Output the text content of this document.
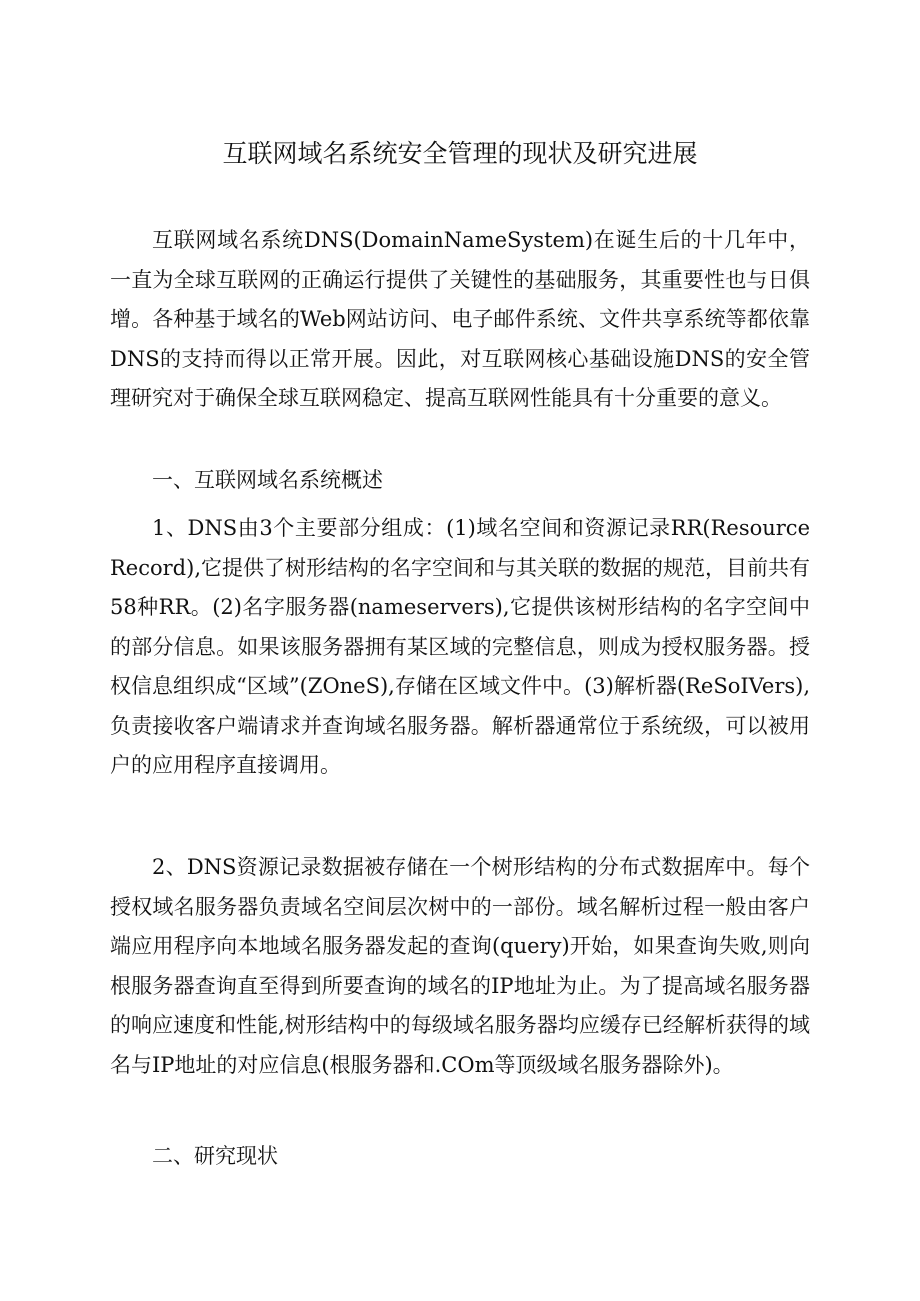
互联网域名系统安全管理的现状及研究进展

互联网域名系统DNS(DomainNameSystem)在诞生后的十几年中，一直为全球互联网的正确运行提供了关键性的基础服务，其重要性也与日俱增。各种基于域名的Web网站访问、电子邮件系统、文件共享系统等都依靠DNS的支持而得以正常开展。因此，对互联网核心基础设施DNS的安全管理研究对于确保全球互联网稳定、提高互联网性能具有十分重要的意义。

一、互联网域名系统概述

1、DNS由3个主要部分组成：(1)域名空间和资源记录RR(ResourceRecord),它提供了树形结构的名字空间和与其关联的数据的规范，目前共有58种RR。(2)名字服务器(nameservers),它提供该树形结构的名字空间中的部分信息。如果该服务器拥有某区域的完整信息，则成为授权服务器。授权信息组织成“区域”(ZOneS),存储在区域文件中。(3)解析器(ReSoIVers),负责接收客户端请求并查询域名服务器。解析器通常位于系统级，可以被用户的应用程序直接调用。

2、DNS资源记录数据被存储在一个树形结构的分布式数据库中。每个授权域名服务器负责域名空间层次树中的一部份。域名解析过程一般由客户端应用程序向本地域名服务器发起的查询(query)开始，如果查询失败,则向根服务器查询直至得到所要查询的域名的IP地址为止。为了提高域名服务器的响应速度和性能,树形结构中的每级域名服务器均应缓存已经解析获得的域名与IP地址的对应信息(根服务器和.COm等顶级域名服务器除外)。

二、研究现状
